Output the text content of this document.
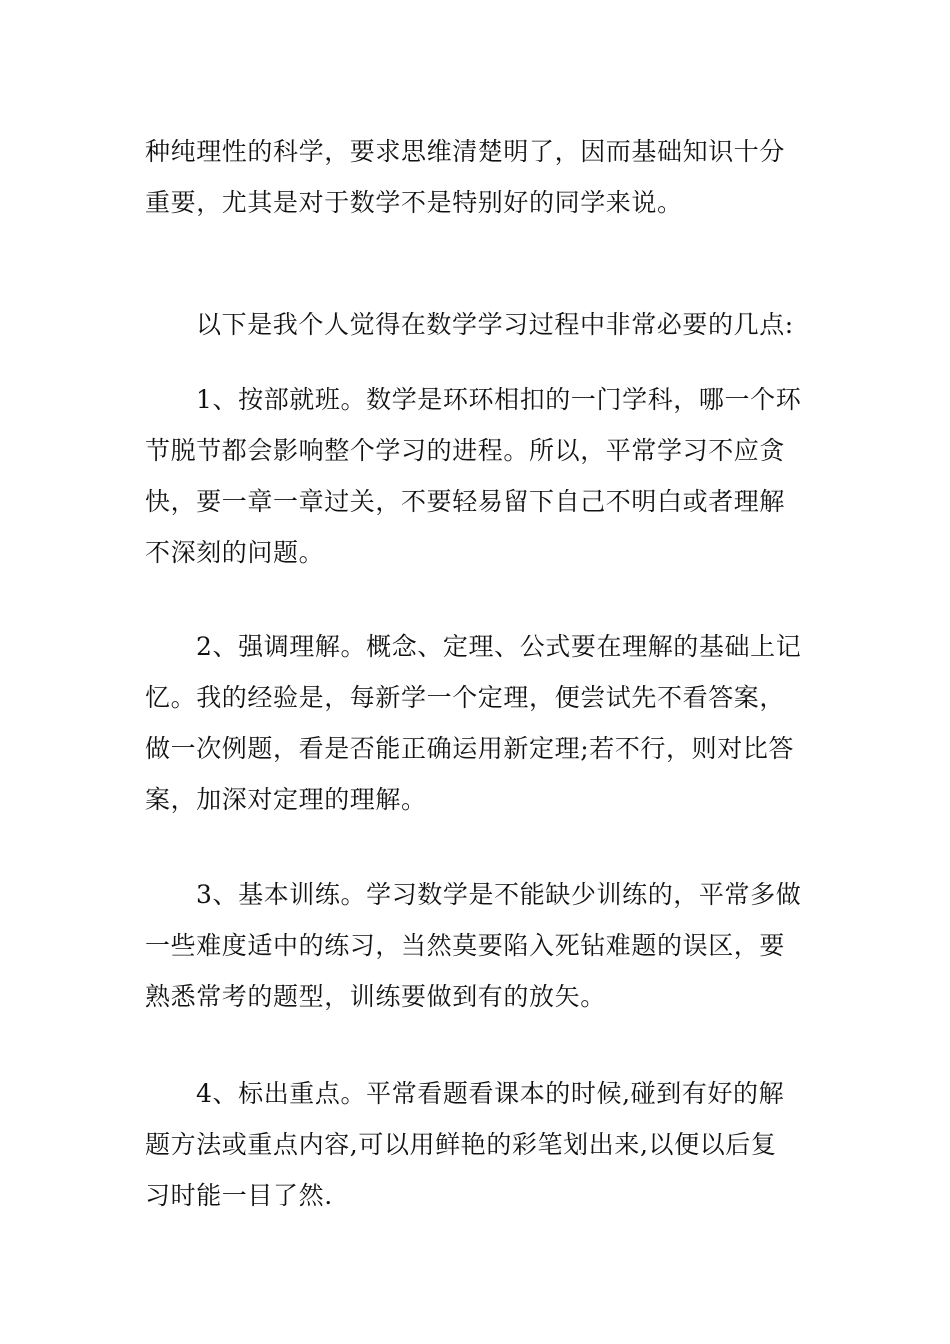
种纯理性的科学，要求思维清楚明了，因而基础知识十分
重要，尤其是对于数学不是特别好的同学来说。
以下是我个人觉得在数学学习过程中非常必要的几点:
1、按部就班。数学是环环相扣的一门学科，哪一个环
节脱节都会影响整个学习的进程。所以，平常学习不应贪
快，要一章一章过关，不要轻易留下自己不明白或者理解
不深刻的问题。
2、强调理解。概念、定理、公式要在理解的基础上记
忆。我的经验是，每新学一个定理，便尝试先不看答案，
做一次例题，看是否能正确运用新定理;若不行，则对比答
案，加深对定理的理解。
3、基本训练。学习数学是不能缺少训练的，平常多做
一些难度适中的练习，当然莫要陷入死钻难题的误区，要
熟悉常考的题型，训练要做到有的放矢。
4、标出重点。平常看题看课本的时候,碰到有好的解
题方法或重点内容,可以用鲜艳的彩笔划出来,以便以后复
习时能一目了然.
